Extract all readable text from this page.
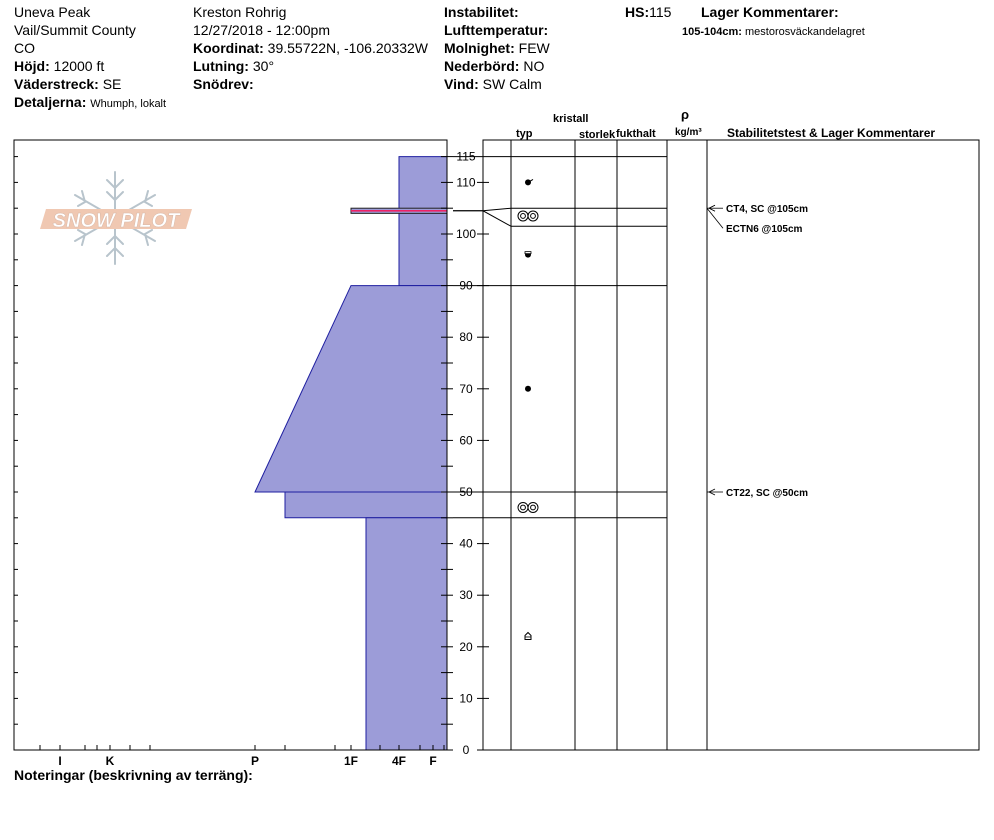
Uneva Peak
Vail/Summit County
CO
Höjd: 12000 ft
Väderstreck: SE
Detaljerna: Whumph, lokalt
Kreston Rohrig
12/27/2018 - 12:00pm
Koordinat: 39.55722N, -106.20332W
Lutning: 30°
Snödrev:
Instabilitet:
Lufttemperatur:
Molnighet: FEW
Nederbörd: NO
Vind: SW Calm
HS:115 Lager Kommentarer:
105-104cm: mestorosväckandelagret
kristall
typ	storlek fukthalt
ρ
kg/m³ Stabilitetstest & Lager Kommentarer
SNOW PILOT
I	K	P	1F	4F F
0
10
20
30
40
50
60
70
80
90
100
110
115
CT4, SC @105cm
ECTN6 @105cm
CT22, SC @50cm
Noteringar (beskrivning av terräng):
